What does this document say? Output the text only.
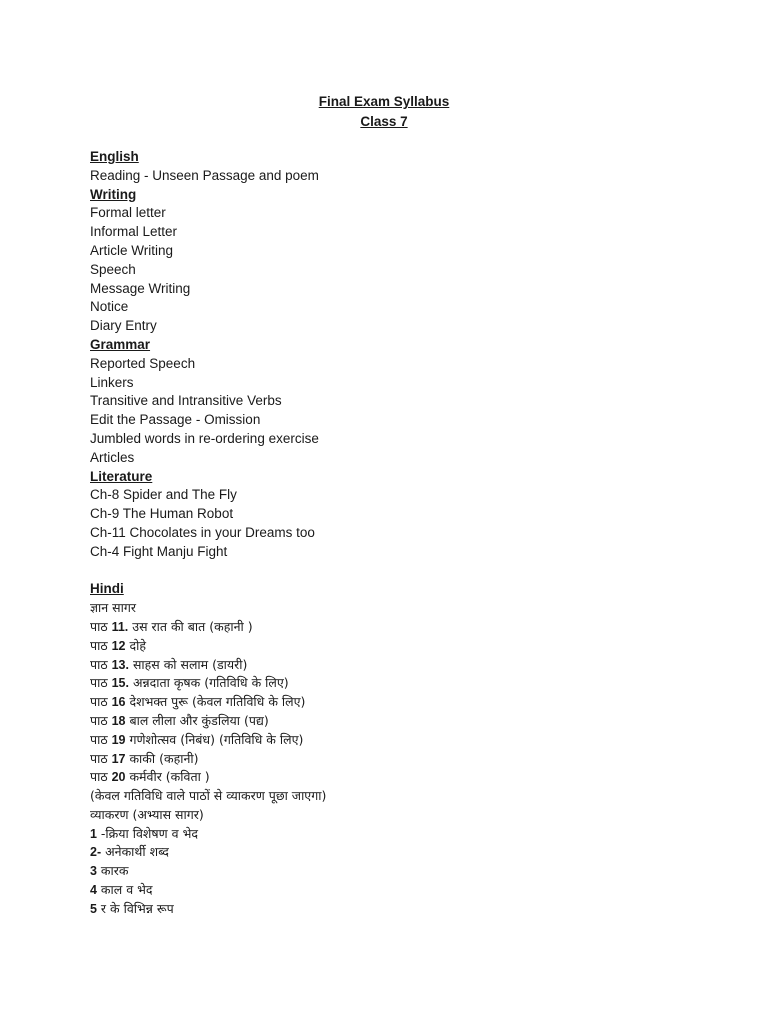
Final Exam Syllabus
Class 7
English
Reading - Unseen Passage and poem
Writing
Formal letter
Informal Letter
Article Writing
Speech
Message Writing
Notice
Diary Entry
Grammar
Reported Speech
Linkers
Transitive and Intransitive Verbs
Edit the Passage - Omission
Jumbled words in re-ordering exercise
Articles
Literature
Ch-8 Spider and The Fly
Ch-9 The Human Robot
Ch-11 Chocolates in your Dreams too
Ch-4 Fight Manju Fight
Hindi
ज्ञान सागर
पाठ 11. उस रात की बात (कहानी )
पाठ 12 दोहे
पाठ 13. साहस को सलाम (डायरी)
पाठ 15. अन्नदाता कृषक (गतिविधि के लिए)
पाठ 16 देशभक्त पुरू (केवल गतिविधि के लिए)
पाठ 18 बाल लीला और कुंडलिया (पद्य)
पाठ 19 गणेशोत्सव (निबंध) (गतिविधि के लिए)
पाठ 17 काकी (कहानी)
पाठ 20 कर्मवीर (कविता )
(केवल गतिविधि वाले पाठों से व्याकरण पूछा जाएगा)
व्याकरण (अभ्यास सागर)
1 -क्रिया विशेषण व भेद
2- अनेकार्थी शब्द
3 कारक
4 काल व भेद
5 र के विभिन्न रूप
